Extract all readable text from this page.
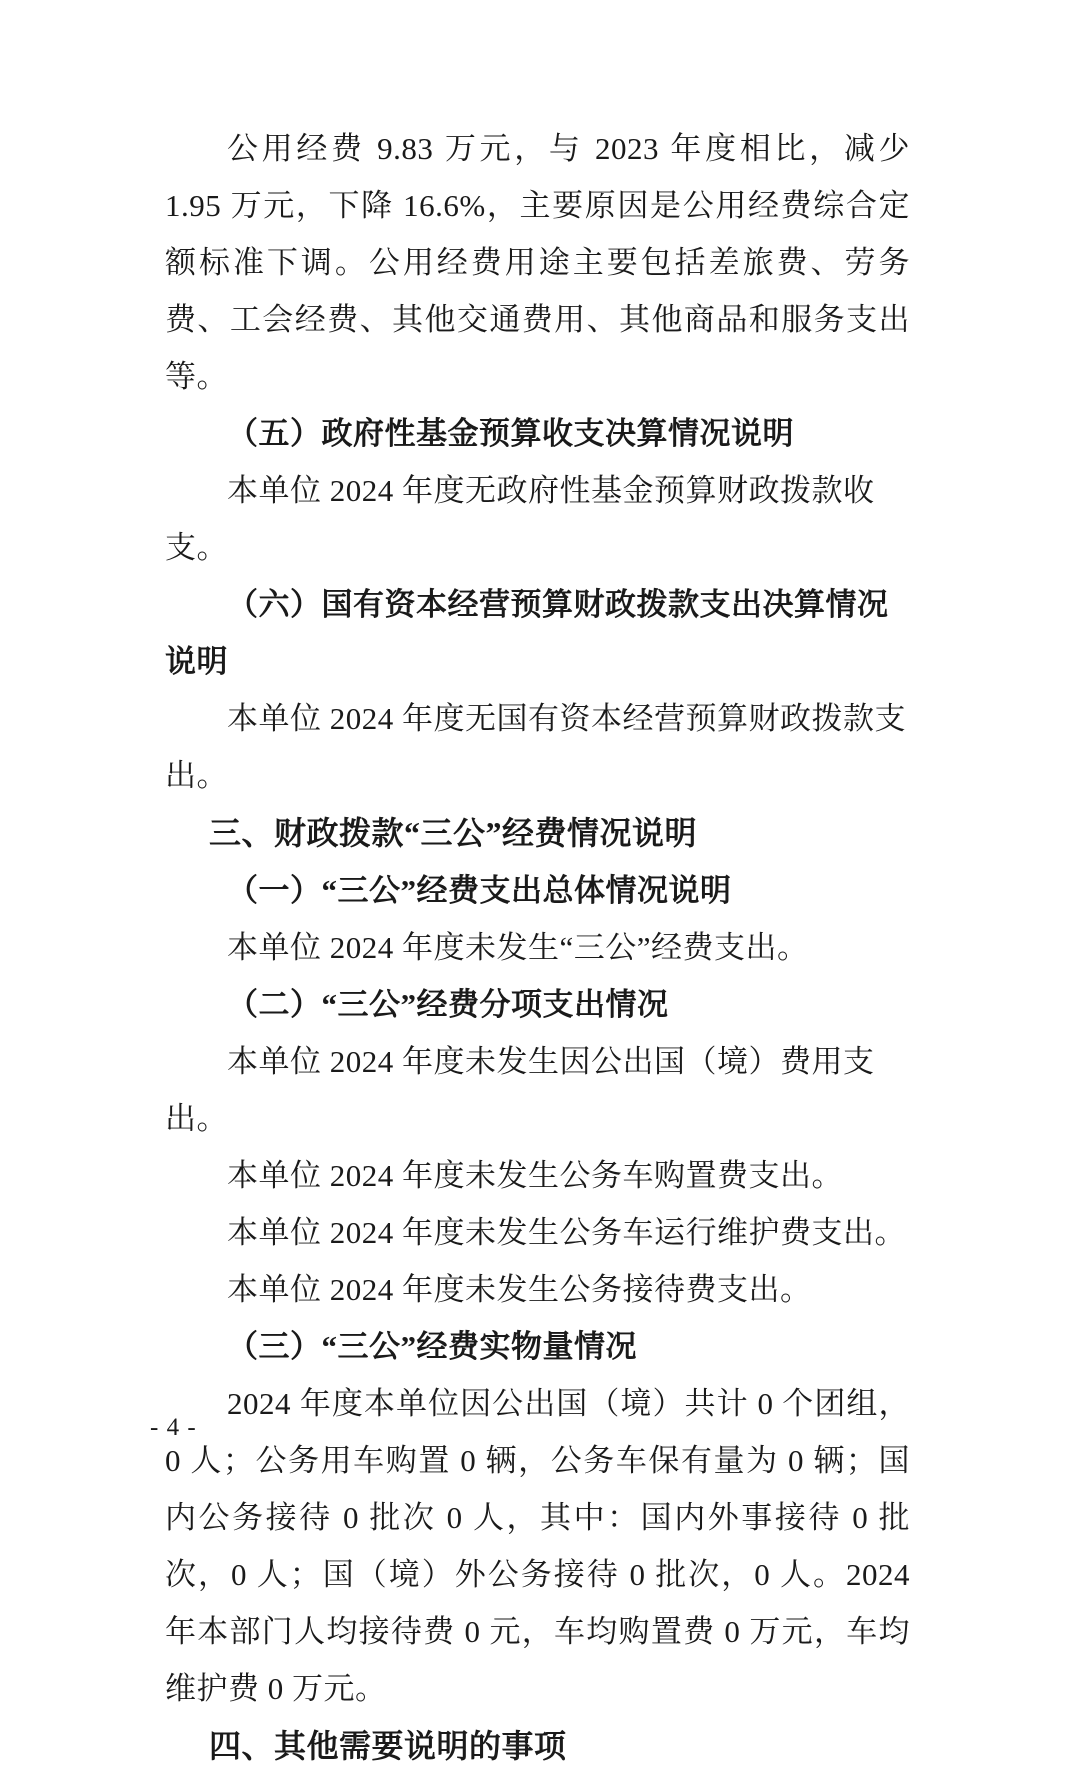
公用经费 9.83 万元，与 2023 年度相比，减少 1.95 万元，下降 16.6%，主要原因是公用经费综合定额标准下调。公用经费用途主要包括差旅费、劳务费、工会经费、其他交通费用、其他商品和服务支出等。

（五）政府性基金预算收支决算情况说明

本单位 2024 年度无政府性基金预算财政拨款收支。

（六）国有资本经营预算财政拨款支出决算情况说明

本单位 2024 年度无国有资本经营预算财政拨款支出。

三、财政拨款“三公”经费情况说明

（一）“三公”经费支出总体情况说明

本单位 2024 年度未发生“三公”经费支出。

（二）“三公”经费分项支出情况

本单位 2024 年度未发生因公出国（境）费用支出。

本单位 2024 年度未发生公务车购置费支出。

本单位 2024 年度未发生公务车运行维护费支出。

本单位 2024 年度未发生公务接待费支出。

（三）“三公”经费实物量情况

2024 年度本单位因公出国（境）共计 0 个团组，0 人；公务用车购置 0 辆，公务车保有量为 0 辆；国内公务接待 0 批次 0 人，其中：国内外事接待 0 批次，0 人；国（境）外公务接待 0 批次，0 人。2024 年本部门人均接待费 0 元，车均购置费 0 万元，车均维护费 0 万元。

四、其他需要说明的事项

- 4 -
